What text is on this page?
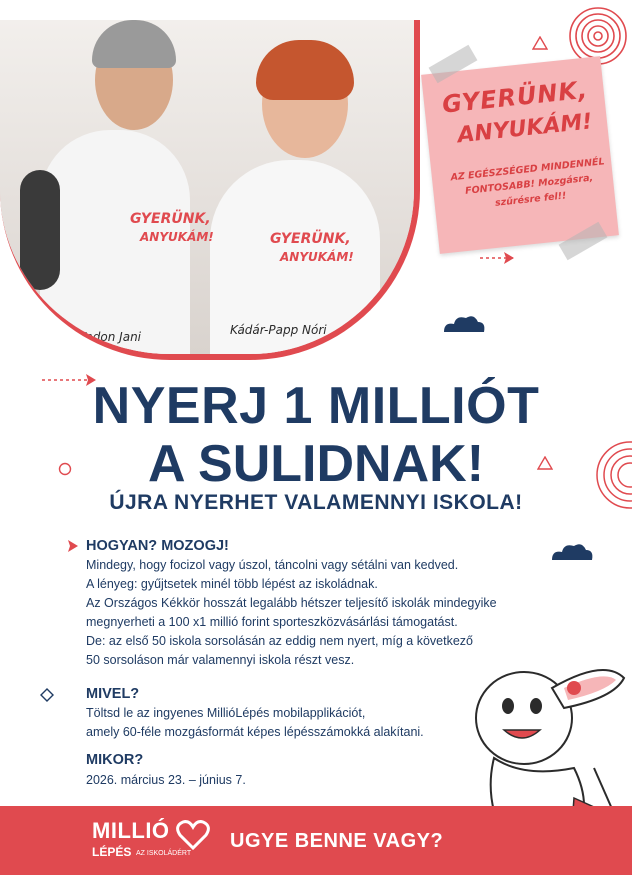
GYERÜNK,
ANYUKÁM!	GYERÜNK,
ANYUKÁM!
Vadon Jani	Kádár-Papp Nóri
GYERÜNK,
ANYUKÁM!
AZ EGÉSZSÉGED MINDENNÉL FONTOSABB! Mozgásra, szűrésre fel!!
NYERJ 1 MILLIÓT
A SULIDNAK!
ÚJRA NYERHET VALAMENNYI ISKOLA!
HOGYAN? MOZOGJ!
Mindegy, hogy focizol vagy úszol, táncolni vagy sétálni van kedved.
A lényeg: gyűjtsetek minél több lépést az iskoládnak.
Az Országos Kékkör hosszát legalább hétszer teljesítő iskolák mindegyike
megnyerheti a 100 x1 millió forint sporteszközvásárlási támogatást.
De: az első 50 iskola sorsolásán az eddig nem nyert, míg a következő
50 sorsoláson már valamennyi iskola részt vesz.
MIVEL?
Töltsd le az ingyenes MillióLépés mobilapplikációt,
amely 60-féle mozgásformát képes lépésszámokká alakítani.
MIKOR?
2026. március 23. – június 7.
MILLIÓ
LÉPÉS AZ ISKOLÁDÉRT
UGYE BENNE VAGY?
